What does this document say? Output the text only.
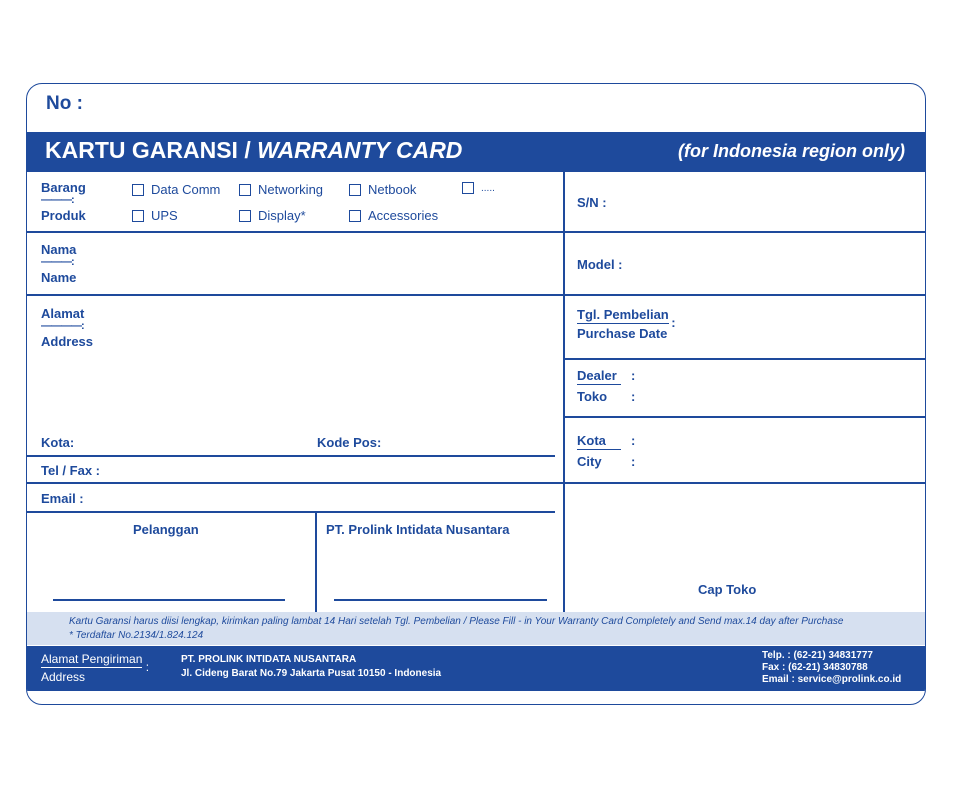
No :
KARTU GARANSI / WARRANTY CARD	(for Indonesia region only)
Barang
———:
Produk
Data Comm	Networking	Netbook	.....
UPS	Display*	Accessories
S/N :
Nama
———:
Name
Model :
Alamat
————:
Address
Tgl. Pembelian $_:$
Purchase Date
Dealer :
Toko :
Kota :
City :
Kota:	Kode Pos:
Tel / Fax :
Email :
Pelanggan	PT. Prolink Intidata Nusantara
Cap Toko
Kartu Garansi harus diisi lengkap, kirimkan paling lambat 14 Hari setelah Tgl. Pembelian / Please Fill - in Your Warranty Card Completely and Send max.14 day after Purchase
* Terdaftar No.2134/1.824.124
Alamat Pengiriman :
Address
PT. PROLINK INTIDATA NUSANTARA
Jl. Cideng Barat No.79 Jakarta Pusat 10150 - Indonesia
Telp. : (62-21) 34831777
Fax : (62-21) 34830788
Email : service@prolink.co.id
